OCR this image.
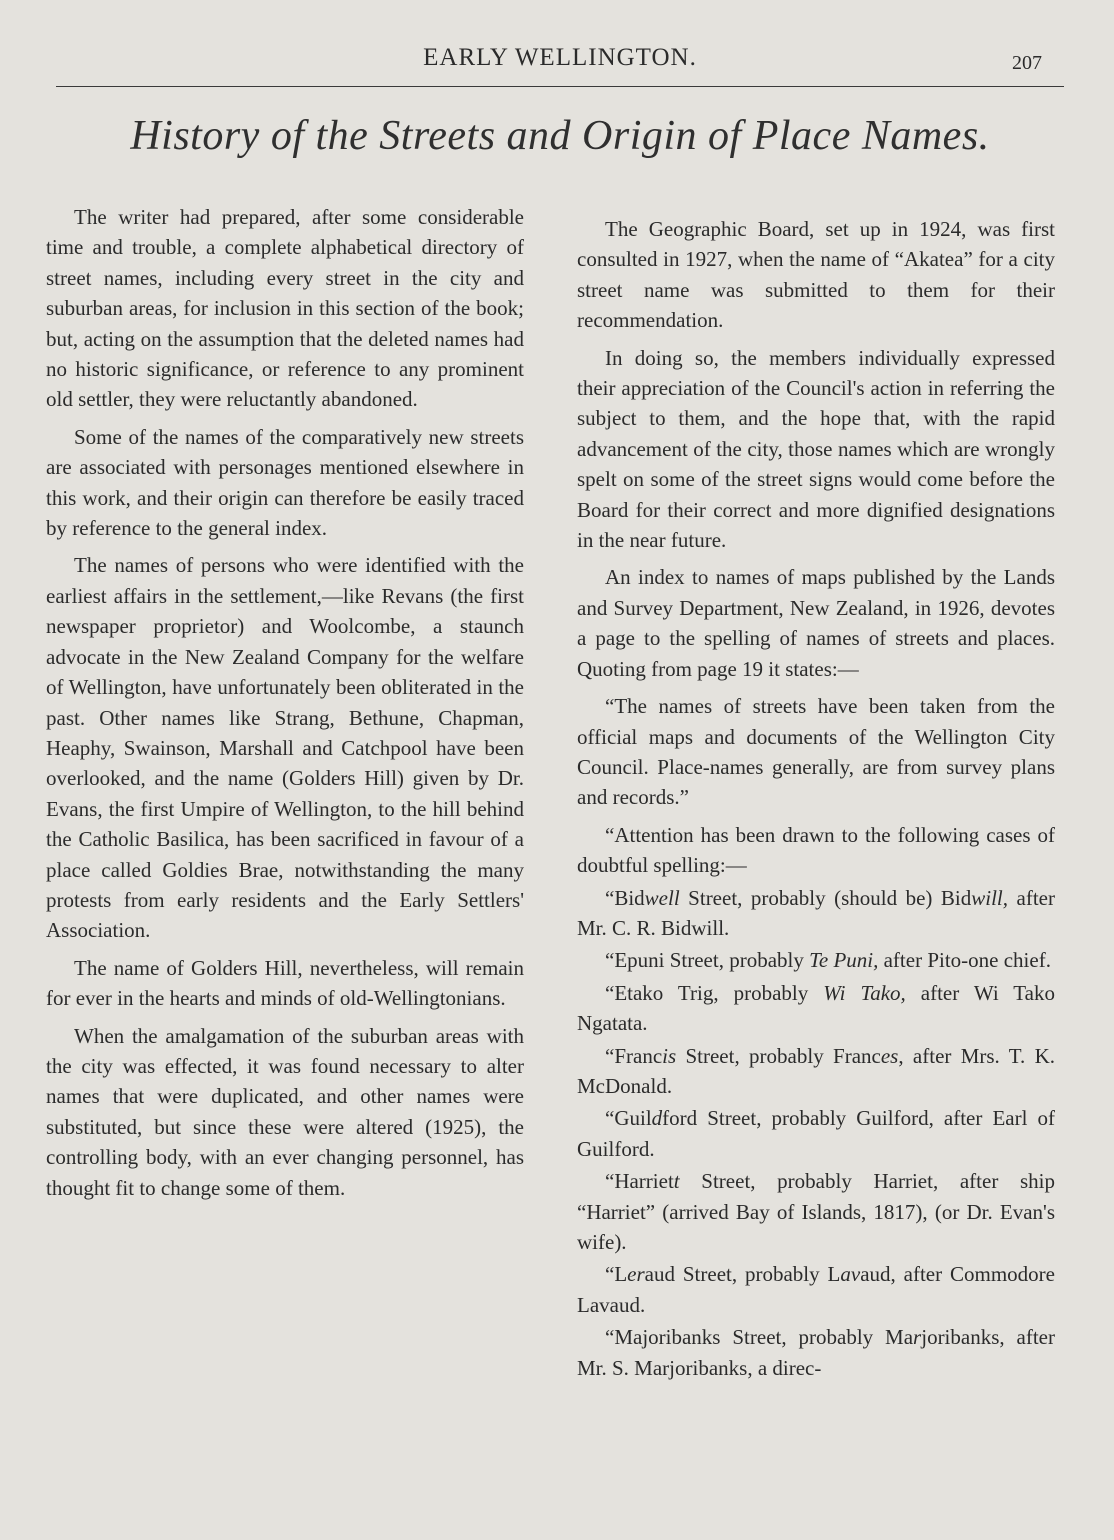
EARLY WELLINGTON.	207
History of the Streets and Origin of Place Names.

The writer had prepared, after some considerable time and trouble, a complete alphabetical directory of street names, including every street in the city and suburban areas, for inclusion in this section of the book; but, acting on the assumption that the deleted names had no historic significance, or reference to any prominent old settler, they were reluctantly abandoned.

Some of the names of the comparatively new streets are associated with personages mentioned elsewhere in this work, and their origin can therefore be easily traced by reference to the general index.

The names of persons who were identified with the earliest affairs in the settlement,—like Revans (the first newspaper proprietor) and Woolcombe, a staunch advocate in the New Zealand Company for the welfare of Wellington, have unfortunately been obliterated in the past. Other names like Strang, Bethune, Chapman, Heaphy, Swainson, Marshall and Catchpool have been overlooked, and the name (Golders Hill) given by Dr. Evans, the first Umpire of Wellington, to the hill behind the Catholic Basilica, has been sacrificed in favour of a place called Goldies Brae, notwithstanding the many protests from early residents and the Early Settlers' Association.

The name of Golders Hill, nevertheless, will remain for ever in the hearts and minds of old-Wellingtonians.

When the amalgamation of the suburban areas with the city was effected, it was found necessary to alter names that were duplicated, and other names were substituted, but since these were altered (1925), the controlling body, with an ever changing personnel, has thought fit to change some of them.

The Geographic Board, set up in 1924, was first consulted in 1927, when the name of “Akatea” for a city street name was submitted to them for their recommendation.

In doing so, the members individually expressed their appreciation of the Council's action in referring the subject to them, and the hope that, with the rapid advancement of the city, those names which are wrongly spelt on some of the street signs would come before the Board for their correct and more dignified designations in the near future.

An index to names of maps published by the Lands and Survey Department, New Zealand, in 1926, devotes a page to the spelling of names of streets and places. Quoting from page 19 it states:—

“The names of streets have been taken from the official maps and documents of the Wellington City Council. Place-names generally, are from survey plans and records.”

“Attention has been drawn to the following cases of doubtful spelling:—

“Bidwell Street, probably (should be) Bidwill, after Mr. C. R. Bidwill.

“Epuni Street, probably Te Puni, after Pito-one chief.

“Etako Trig, probably Wi Tako, after Wi Tako Ngatata.

“Francis Street, probably Frances, after Mrs. T. K. McDonald.

“Guildford Street, probably Guilford, after Earl of Guilford.

“Harriett Street, probably Harriet, after ship “Harriet” (arrived Bay of Islands, 1817), (or Dr. Evan's wife).

“Leraud Street, probably Lavaud, after Commodore Lavaud.

“Majoribanks Street, probably Marjoribanks, after Mr. S. Marjoribanks, a direc-
